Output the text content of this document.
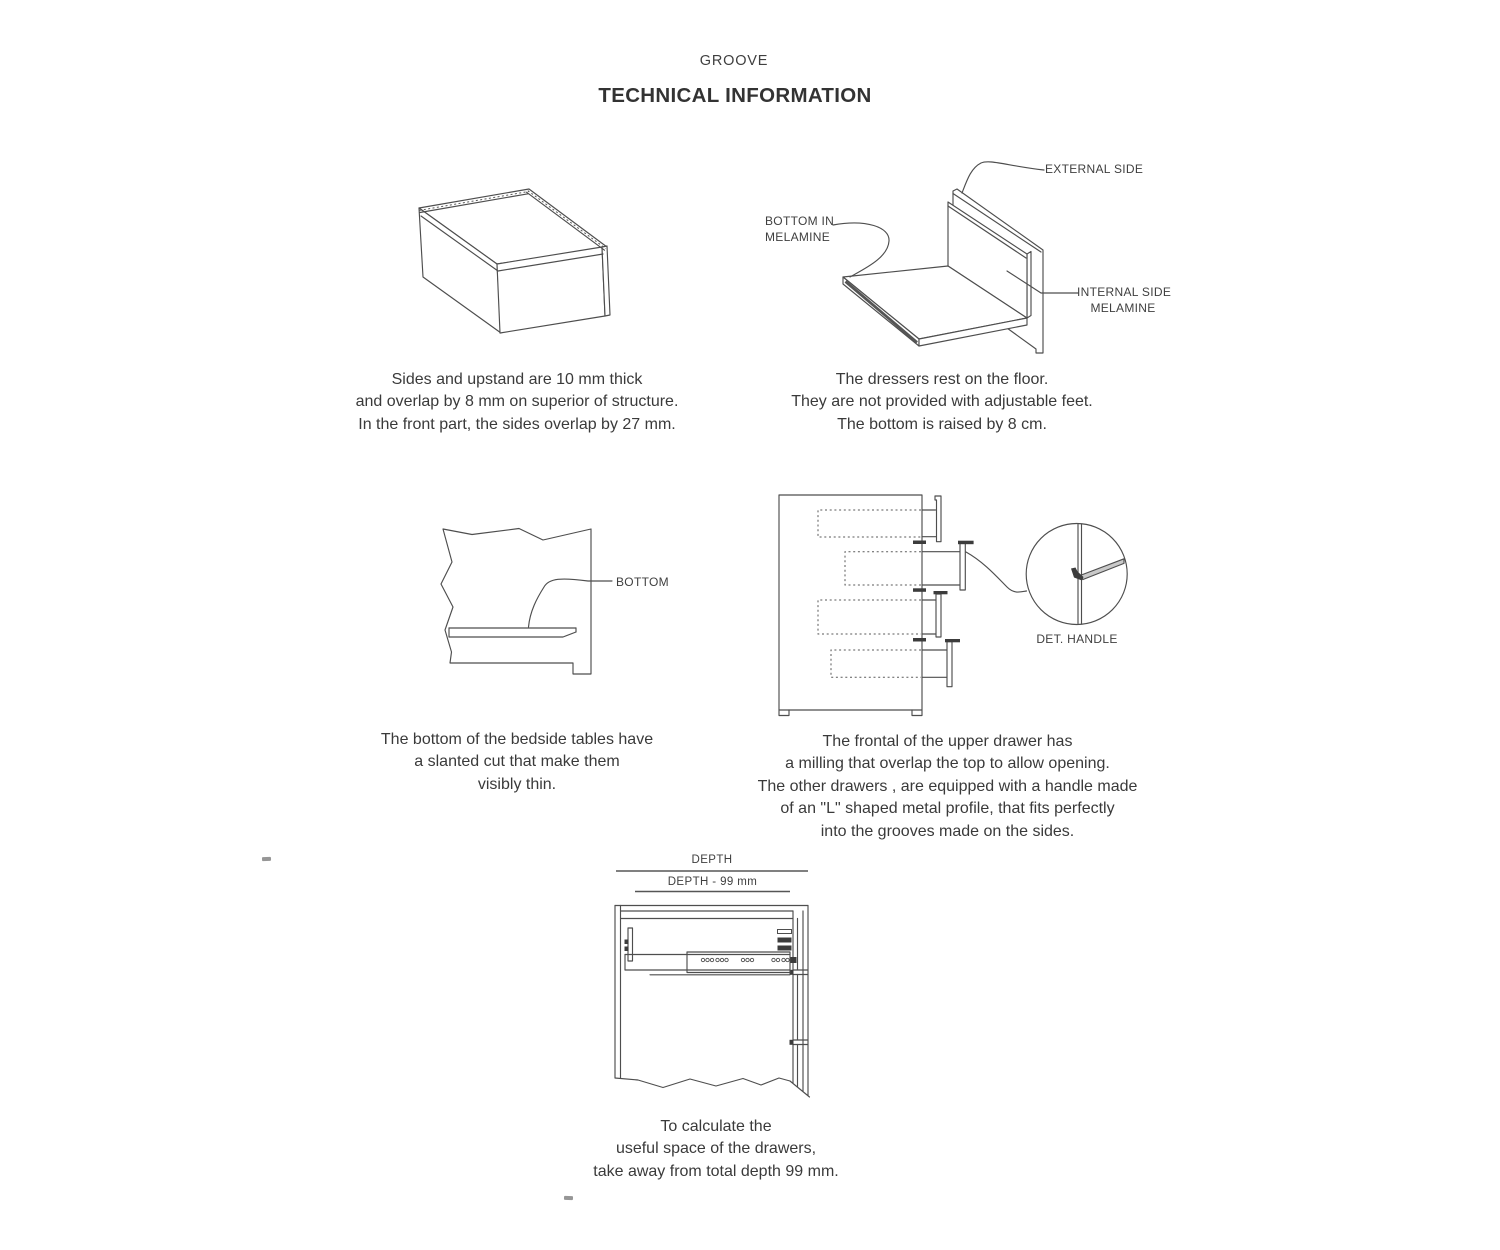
GROOVE
TECHNICAL INFORMATION
Sides and upstand are 10 mm thick
and overlap by 8 mm on superior of structure.
In the front part, the sides overlap by 27 mm.
EXTERNAL SIDE
BOTTOM IN
MELAMINE
INTERNAL SIDE
MELAMINE
The dressers rest on the floor.
They are not provided with adjustable feet.
The bottom is raised by 8 cm.
BOTTOM
The bottom of the bedside tables have
a slanted cut that make them
visibly thin.
DET. HANDLE
The frontal of the upper drawer has
a milling that overlap the top to allow opening.
The other drawers , are equipped with a handle made
of an "L" shaped metal profile, that fits perfectly
into the grooves made on the sides.
DEPTH
DEPTH - 99 mm
To calculate the
useful space of the drawers,
take away from total depth 99 mm.
